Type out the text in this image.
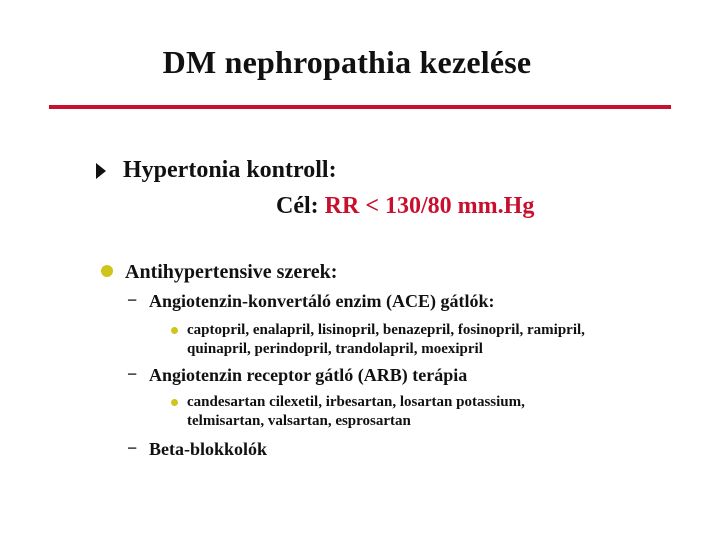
DM nephropathia kezelése
Hypertonia kontroll:
Cél: RR < 130/80 mm.Hg
Antihypertensive szerek:
− Angiotenzin-konvertáló enzim (ACE) gátlók:
captopril, enalapril, lisinopril, benazepril, fosinopril, ramipril,
quinapril, perindopril, trandolapril, moexipril
− Angiotenzin receptor gátló (ARB) terápia
candesartan cilexetil, irbesartan, losartan potassium,
telmisartan, valsartan, esprosartan
− Beta-blokkolók
